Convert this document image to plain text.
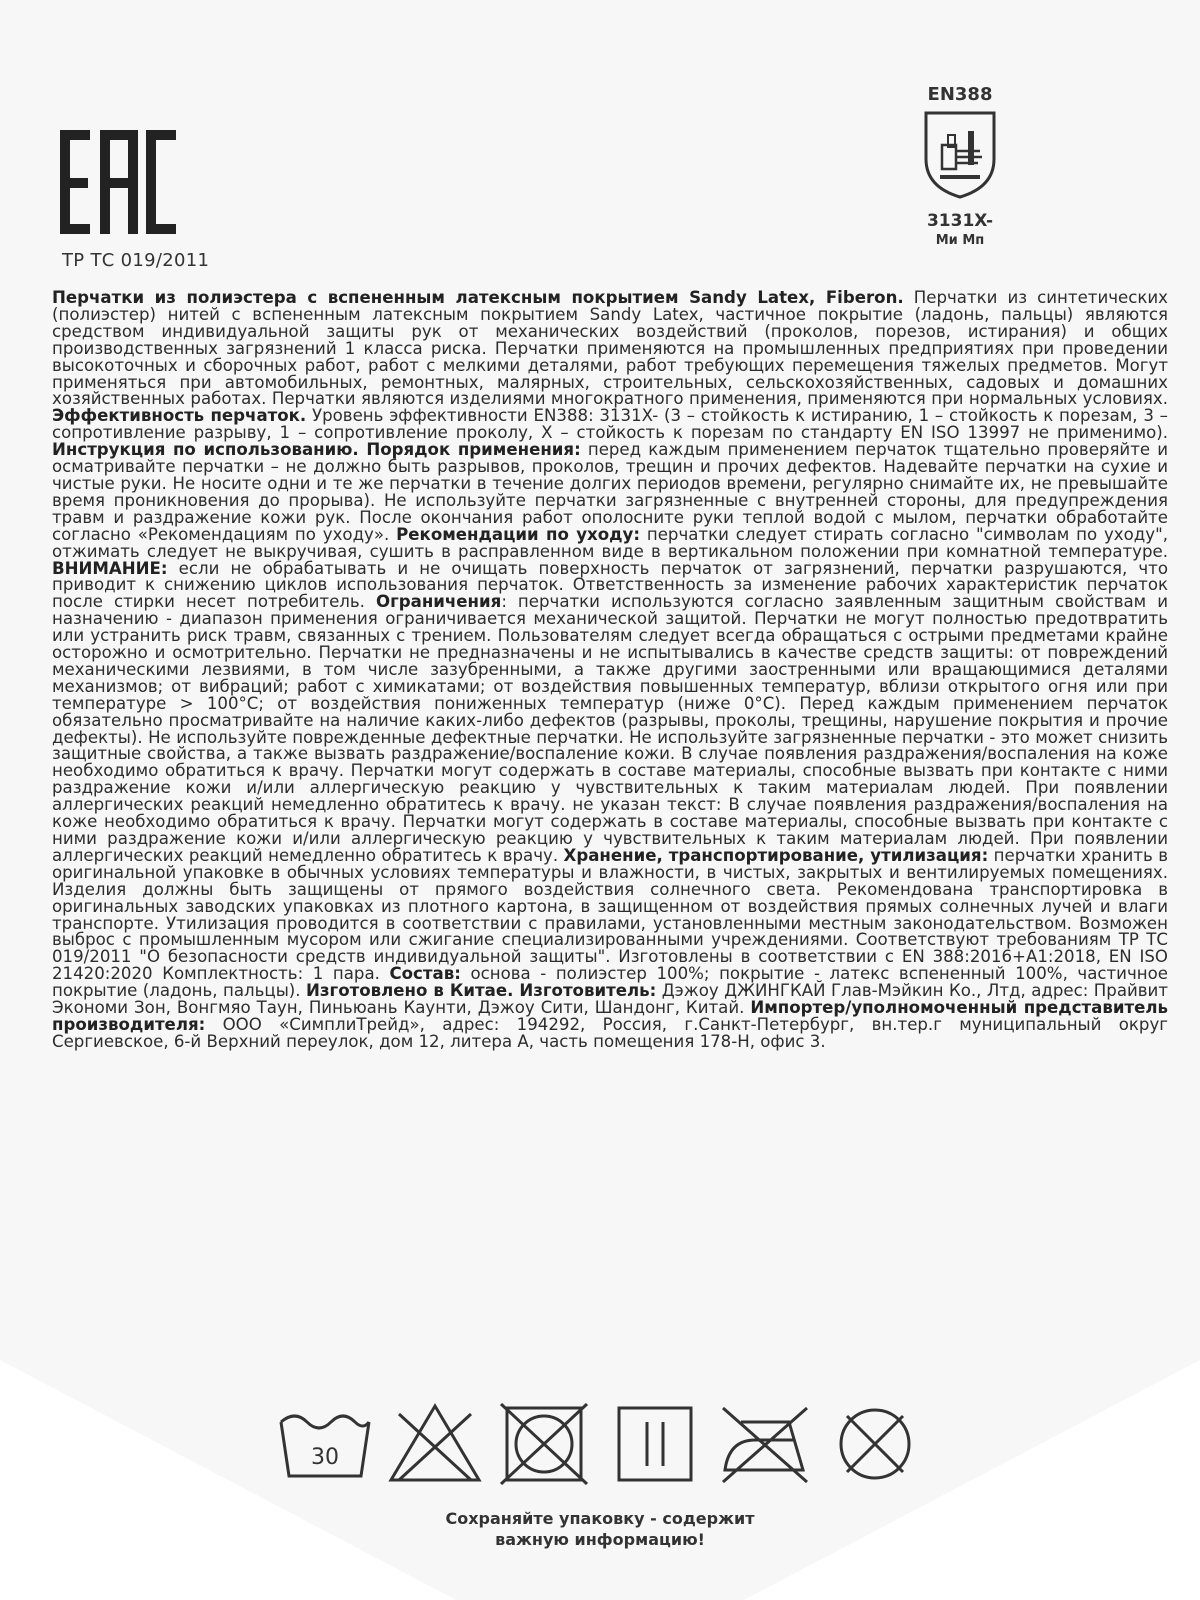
ТР ТС 019/2011
EN388
3131X-
Ми Мп
Перчатки из полиэстера с вспененным латексным покрытием Sandy Latex, Fiberon. Перчатки из синтетических (полиэстер) нитей с вспененным латексным покрытием Sandy Latex, частичное покрытие (ладонь, пальцы) являются средством индивидуальной защиты рук от механических воздействий (проколов, порезов, истирания) и общих производственных загрязнений 1 класса риска. Перчатки применяются на промышленных предприятиях при проведении высокоточных и сборочных работ, работ с мелкими деталями, работ требующих перемещения тяжелых предметов. Могут применяться при автомобильных, ремонтных, малярных, строительных, сельскохозяйственных, садовых и домашних хозяйственных работах. Перчатки являются изделиями многократного применения, применяются при нормальных условиях. Эффективность перчаток. Уровень эффективности EN388: 3131X- (3 – стойкость к истиранию, 1 – стойкость к порезам, 3 – сопротивление разрыву, 1 – сопротивление проколу, X – стойкость к порезам по стандарту EN ISO 13997 не применимо). Инструкция по использованию. Порядок применения: перед каждым применением перчаток тщательно проверяйте и осматривайте перчатки – не должно быть разрывов, проколов, трещин и прочих дефектов. Надевайте перчатки на сухие и чистые руки. Не носите одни и те же перчатки в течение долгих периодов времени, регулярно снимайте их, не превышайте время проникновения до прорыва). Не используйте перчатки загрязненные с внутренней стороны, для предупреждения травм и раздражение кожи рук. После окончания работ ополосните руки теплой водой с мылом, перчатки обработайте согласно «Рекомендациям по уходу». Рекомендации по уходу: перчатки следует стирать согласно "символам по уходу", отжимать следует не выкручивая, сушить в расправленном виде в вертикальном положении при комнатной температуре. ВНИМАНИЕ: если не обрабатывать и не очищать поверхность перчаток от загрязнений, перчатки разрушаются, что приводит к снижению циклов использования перчаток. Ответственность за изменение рабочих характеристик перчаток после стирки несет потребитель. Ограничения: перчатки используются согласно заявленным защитным свойствам и назначению - диапазон применения ограничивается механической защитой. Перчатки не могут полностью предотвратить или устранить риск травм, связанных с трением. Пользователям следует всегда обращаться с острыми предметами крайне осторожно и осмотрительно. Перчатки не предназначены и не испытывались в качестве средств защиты: от повреждений механическими лезвиями, в том числе зазубренными, а также другими заостренными или вращающимися деталями механизмов; от вибраций; работ с химикатами; от воздействия повышенных температур, вблизи открытого огня или при температуре > 100°C; от воздействия пониженных температур (ниже 0°C). Перед каждым применением перчаток обязательно просматривайте на наличие каких-либо дефектов (разрывы, проколы, трещины, нарушение покрытия и прочие дефекты). Не используйте поврежденные дефектные перчатки. Не используйте загрязненные перчатки - это может снизить защитные свойства, а также вызвать раздражение/воспаление кожи. В случае появления раздражения/воспаления на коже необходимо обратиться к врачу. Перчатки могут содержать в составе материалы, способные вызвать при контакте с ними раздражение кожи и/или аллергическую реакцию у чувствительных к таким материалам людей. При появлении аллергических реакций немедленно обратитесь к врачу. не указан текст: В случае появления раздражения/воспаления на коже необходимо обратиться к врачу. Перчатки могут содержать в составе материалы, способные вызвать при контакте с ними раздражение кожи и/или аллергическую реакцию у чувствительных к таким материалам людей. При появлении аллергических реакций немедленно обратитесь к врачу. Хранение, транспортирование, утилизация: перчатки хранить в оригинальной упаковке в обычных условиях температуры и влажности, в чистых, закрытых и вентилируемых помещениях. Изделия должны быть защищены от прямого воздействия солнечного света. Рекомендована транспортировка в оригинальных заводских упаковках из плотного картона, в защищенном от воздействия прямых солнечных лучей и влаги транспорте. Утилизация проводится в соответствии с правилами, установленными местным законодательством. Возможен выброс с промышленным мусором или сжигание специализированными учреждениями. Соответствуют требованиям ТР ТС 019/2011 "О безопасности средств индивидуальной защиты". Изготовлены в соответствии с EN 388:2016+A1:2018, EN ISO 21420:2020 Комплектность: 1 пара. Состав: основа - полиэстер 100%; покрытие - латекс вспененный 100%, частичное покрытие (ладонь, пальцы). Изготовлено в Китае. Изготовитель: Дэжоу ДЖИНГКАЙ Глав-Мэйкин Ко., Лтд, адрес: Прайвит Экономи Зон, Вонгмяо Таун, Пиньюань Каунти, Дэжоу Сити, Шандонг, Китай. Импортер/уполномоченный представитель производителя: ООО «СимплиТрейд», адрес: 194292, Россия, г.Санкт-Петербург, вн.тер.г муниципальный округ Сергиевское, 6-й Верхний переулок, дом 12, литера А, часть помещения 178-Н, офис 3.
30
Сохраняйте упаковку - содержит
важную информацию!
